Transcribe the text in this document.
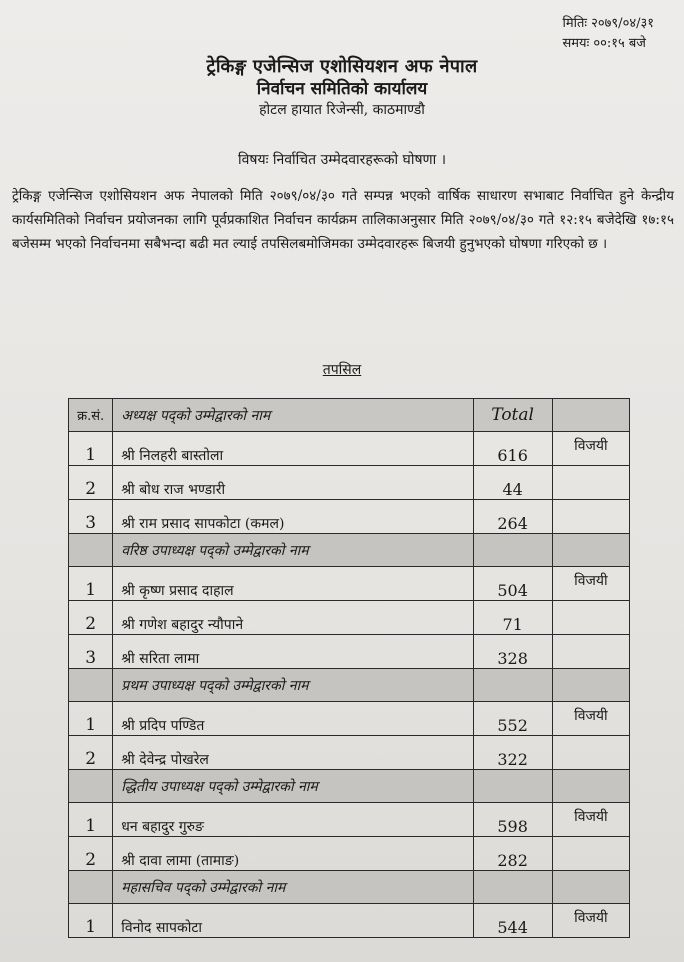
मितिः २०७९/०४/३१
समयः ००:१५ बजे
ट्रेकिङ्ग एजेन्सिज एशोसियशन अफ नेपाल
निर्वाचन समितिको कार्यालय
होटल हायात रिजेन्सी, काठमाण्डौ
विषयः निर्वाचित उम्मेदवारहरूको घोषणा ।
ट्रेकिङ्ग एजेन्सिज एशोसियशन अफ नेपालको मिति २०७९/०४/३० गते सम्पन्न भएको वार्षिक साधारण सभाबाट निर्वाचित हुने केन्द्रीय कार्यसमितिको निर्वाचन प्रयोजनका लागि पूर्वप्रकाशित निर्वाचन कार्यक्रम तालिकाअनुसार मिति २०७९/०४/३० गते १२:१५ बजेदेखि १७:१५ बजेसम्म भएको निर्वाचनमा सबैभन्दा बढी मत ल्याई तपसिलबमोजिमका उम्मेदवारहरू बिजयी हुनुभएको घोषणा गरिएको छ ।
तपसिल
क्र.सं.	अध्यक्ष पद्को उम्मेद्वारको नाम	Total	
1	श्री निलहरी बास्तोला	616	विजयी
2	श्री बोध राज भण्डारी	44	
3	श्री राम प्रसाद सापकोटा (कमल)	264	
	वरिष्ठ उपाध्यक्ष पद्को उम्मेद्वारको नाम		
1	श्री कृष्ण प्रसाद दाहाल	504	विजयी
2	श्री गणेश बहादुर न्यौपाने	71	
3	श्री सरिता लामा	328	
	प्रथम उपाध्यक्ष पद्को उम्मेद्वारको नाम		
1	श्री प्रदिप पण्डित	552	विजयी
2	श्री देवेन्द्र पोखरेल	322	
	द्धितीय उपाध्यक्ष पद्को उम्मेद्वारको नाम		
1	धन बहादुर गुरुङ	598	विजयी
2	श्री दावा लामा (तामाङ)	282	
	महासचिव पद्को उम्मेद्वारको नाम		
1	विनोद सापकोटा	544	विजयी
